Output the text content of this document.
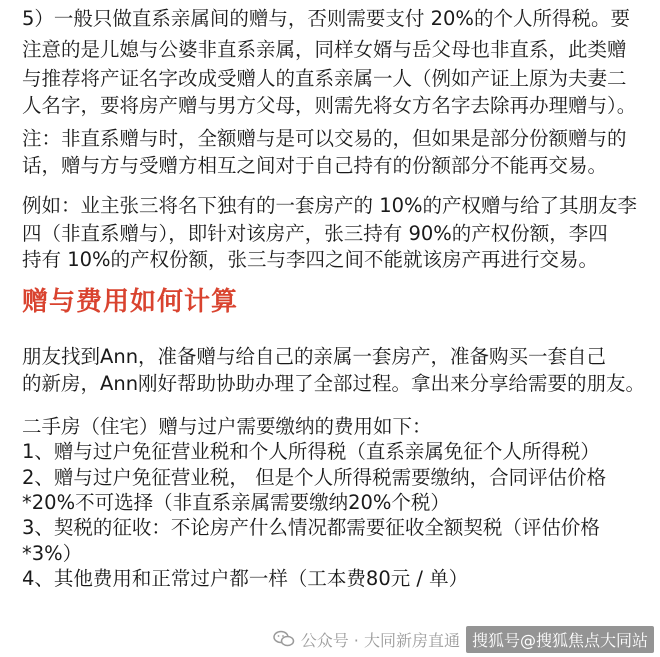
5）一般只做直系亲属间的赠与，否则需要支付 20%的个人所得税。要
注意的是儿媳与公婆非直系亲属，同样女婿与岳父母也非直系，此类赠
与推荐将产证名字改成受赠人的直系亲属一人（例如产证上原为夫妻二
人名字，要将房产赠与男方父母，则需先将女方名字去除再办理赠与）。
注：非直系赠与时，全额赠与是可以交易的，但如果是部分份额赠与的
话，赠与方与受赠方相互之间对于自己持有的份额部分不能再交易。
例如：业主张三将名下独有的一套房产的 10%的产权赠与给了其朋友李
四（非直系赠与），即针对该房产，张三持有 90%的产权份额，李四
持有 10%的产权份额，张三与李四之间不能就该房产再进行交易。
赠与费用如何计算
朋友找到Ann，准备赠与给自己的亲属一套房产，准备购买一套自己
的新房，Ann刚好帮助协助办理了全部过程。拿出来分享给需要的朋友。
二手房（住宅）赠与过户需要缴纳的费用如下：
1、赠与过户免征营业税和个人所得税（直系亲属免征个人所得税）
2、赠与过户免征营业税， 但是个人所得税需要缴纳，合同评估价格
*20%不可选择（非直系亲属需要缴纳20%个税）
3、契税的征收：不论房产什么情况都需要征收全额契税（评估价格
*3%）
4、其他费用和正常过户都一样（工本费80元 / 单）
公众号 · 大同新房直通 搜狐号@搜狐焦点大同站
